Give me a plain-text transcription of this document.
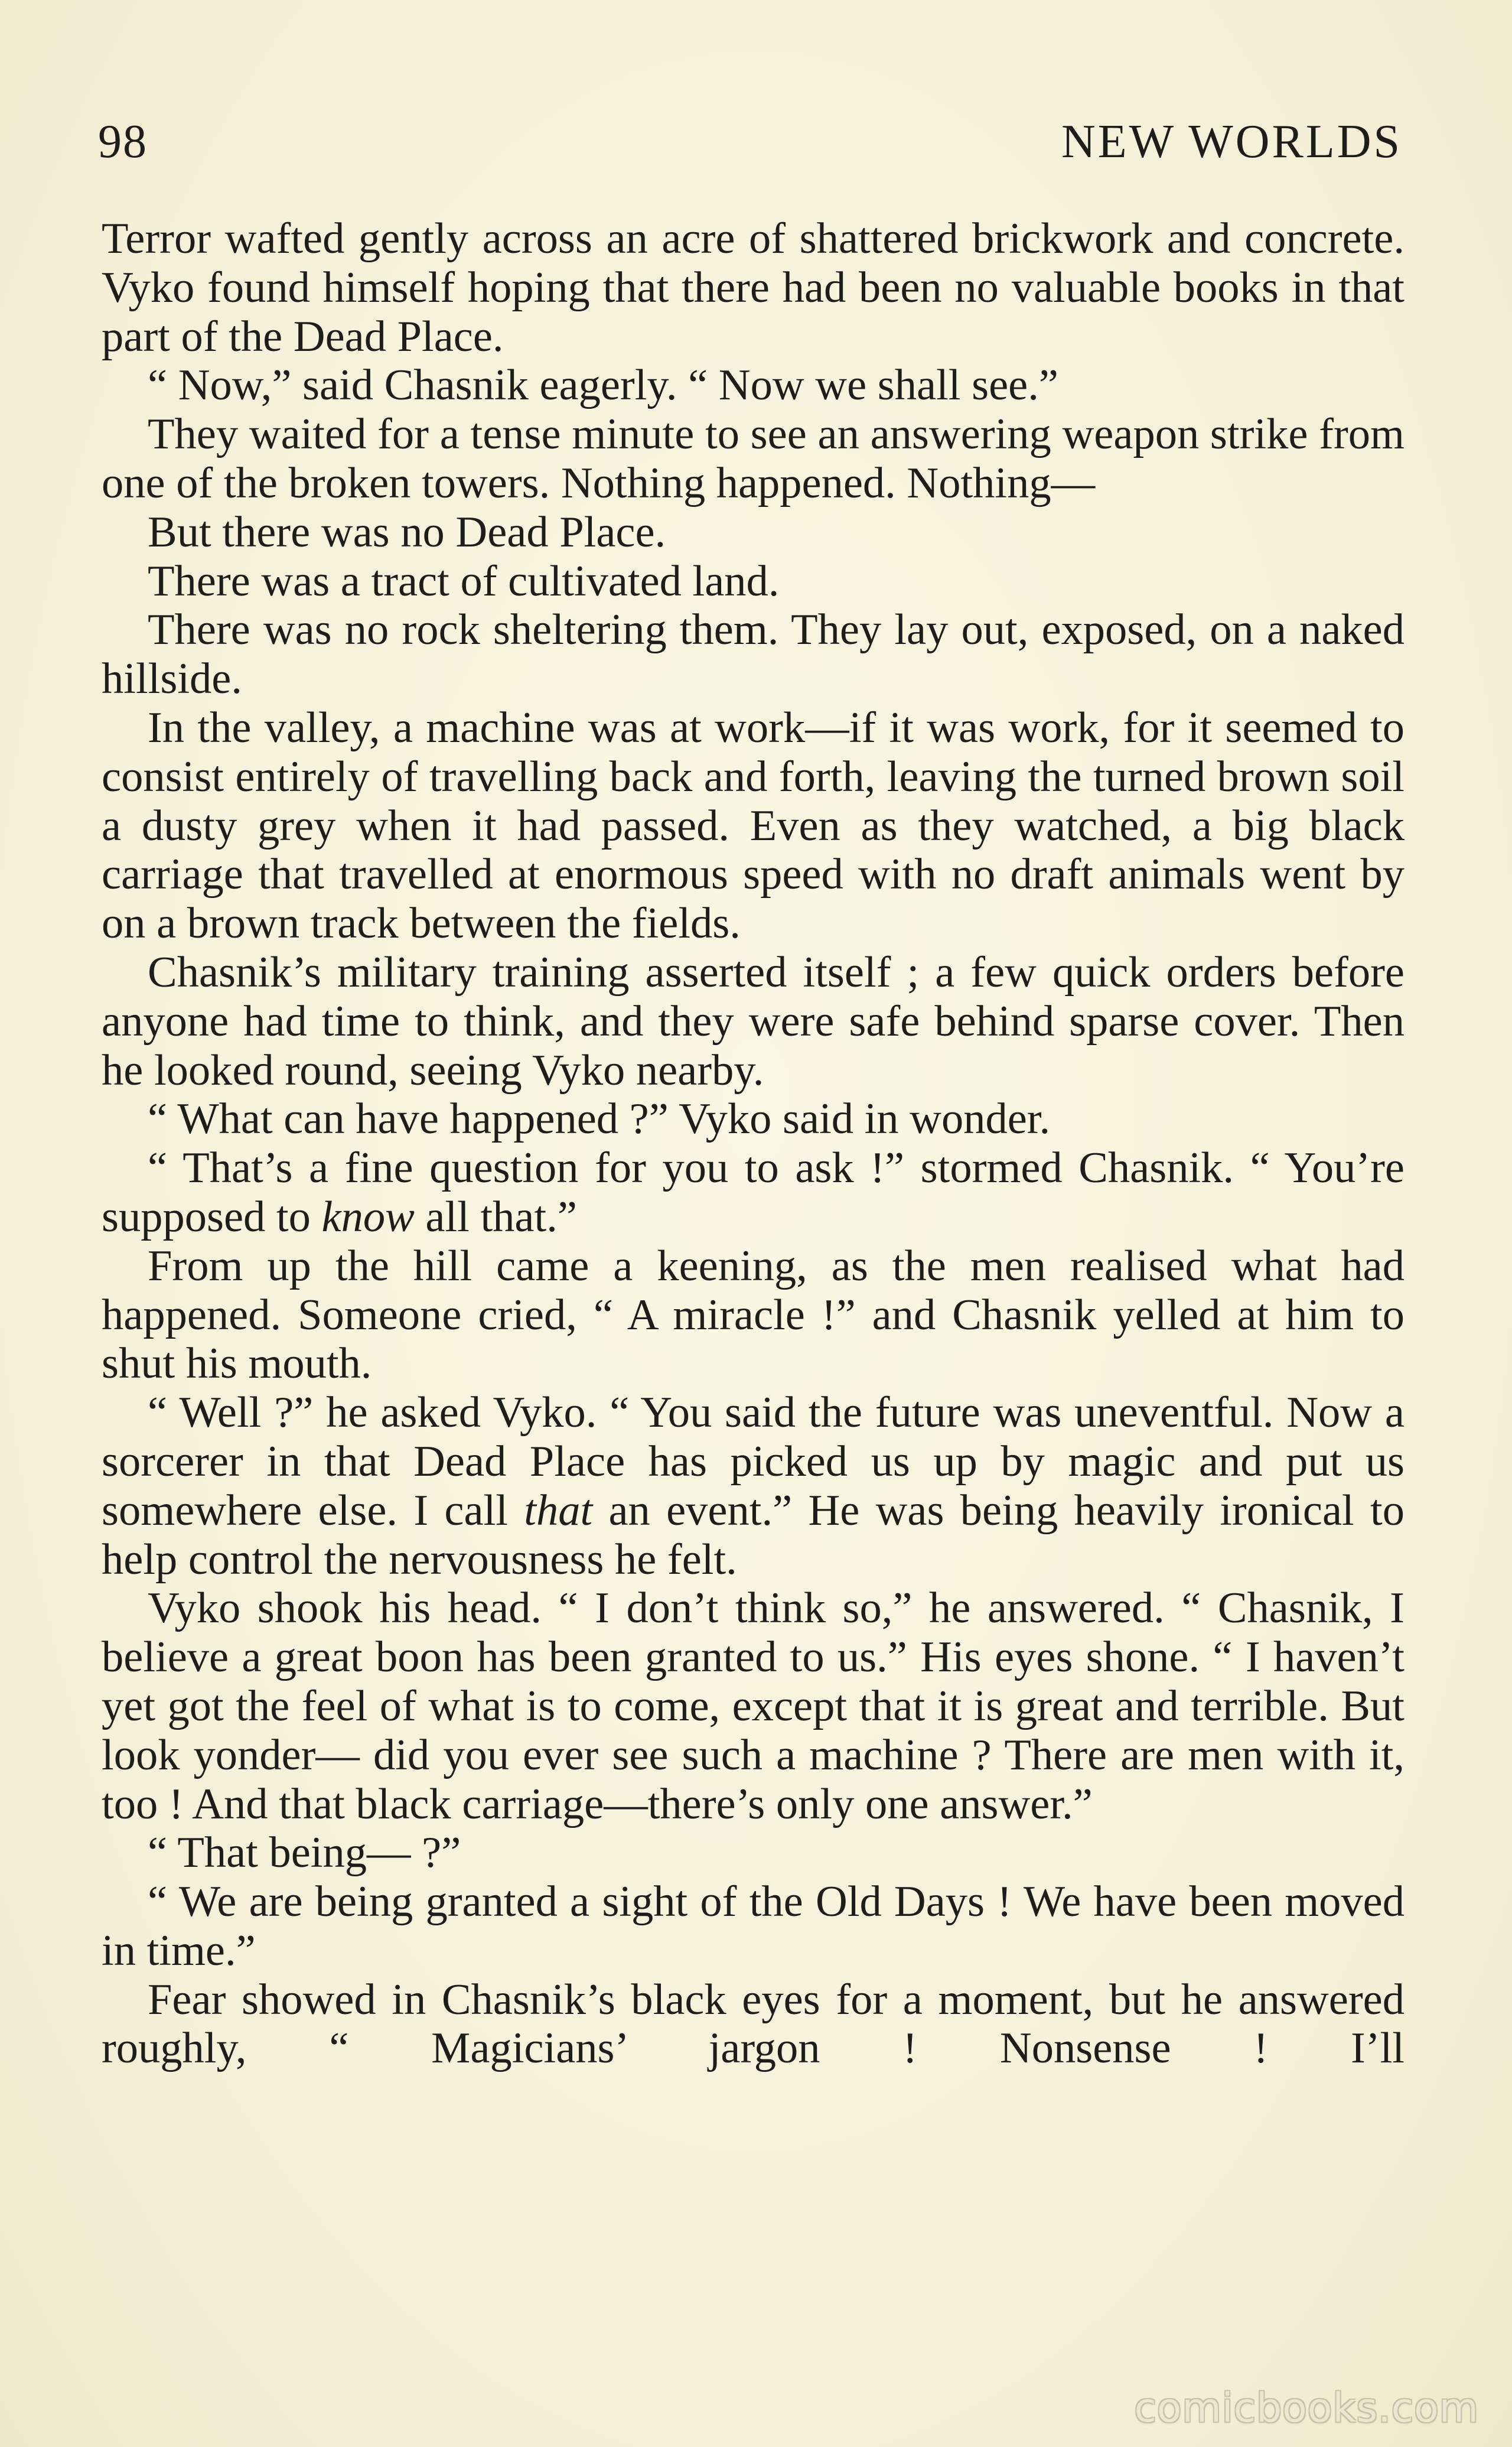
98	NEW WORLDS

Terror wafted gently across an acre of shattered brickwork and concrete. Vyko found himself hoping that there had been no valuable books in that part of the Dead Place.

“ Now,” said Chasnik eagerly. “ Now we shall see.”

They waited for a tense minute to see an answering weapon strike from one of the broken towers. Nothing happened. Nothing—

But there was no Dead Place.

There was a tract of cultivated land.

There was no rock sheltering them. They lay out, exposed, on a naked hillside.

In the valley, a machine was at work—if it was work, for it seemed to consist entirely of travelling back and forth, leaving the turned brown soil a dusty grey when it had passed. Even as they watched, a big black carriage that travelled at enormous speed with no draft animals went by on a brown track between the fields.

Chasnik’s military training asserted itself ; a few quick orders before anyone had time to think, and they were safe behind sparse cover. Then he looked round, seeing Vyko nearby.

“ What can have happened ?” Vyko said in wonder.

“ That’s a fine question for you to ask !” stormed Chasnik. “ You’re supposed to know all that.”

From up the hill came a keening, as the men realised what had happened. Someone cried, “ A miracle !” and Chasnik yelled at him to shut his mouth.

“ Well ?” he asked Vyko. “ You said the future was uneventful. Now a sorcerer in that Dead Place has picked us up by magic and put us somewhere else. I call that an event.” He was being heavily ironical to help control the nervousness he felt.

Vyko shook his head. “ I don’t think so,” he answered. “ Chasnik, I believe a great boon has been granted to us.” His eyes shone. “ I haven’t yet got the feel of what is to come, except that it is great and terrible. But look yonder— did you ever see such a machine ? There are men with it, too ! And that black carriage—there’s only one answer.”

“ That being— ?”

“ We are being granted a sight of the Old Days ! We have been moved in time.”

Fear showed in Chasnik’s black eyes for a moment, but he answered roughly, “ Magicians’ jargon ! Nonsense ! I’ll

comicbooks.com
